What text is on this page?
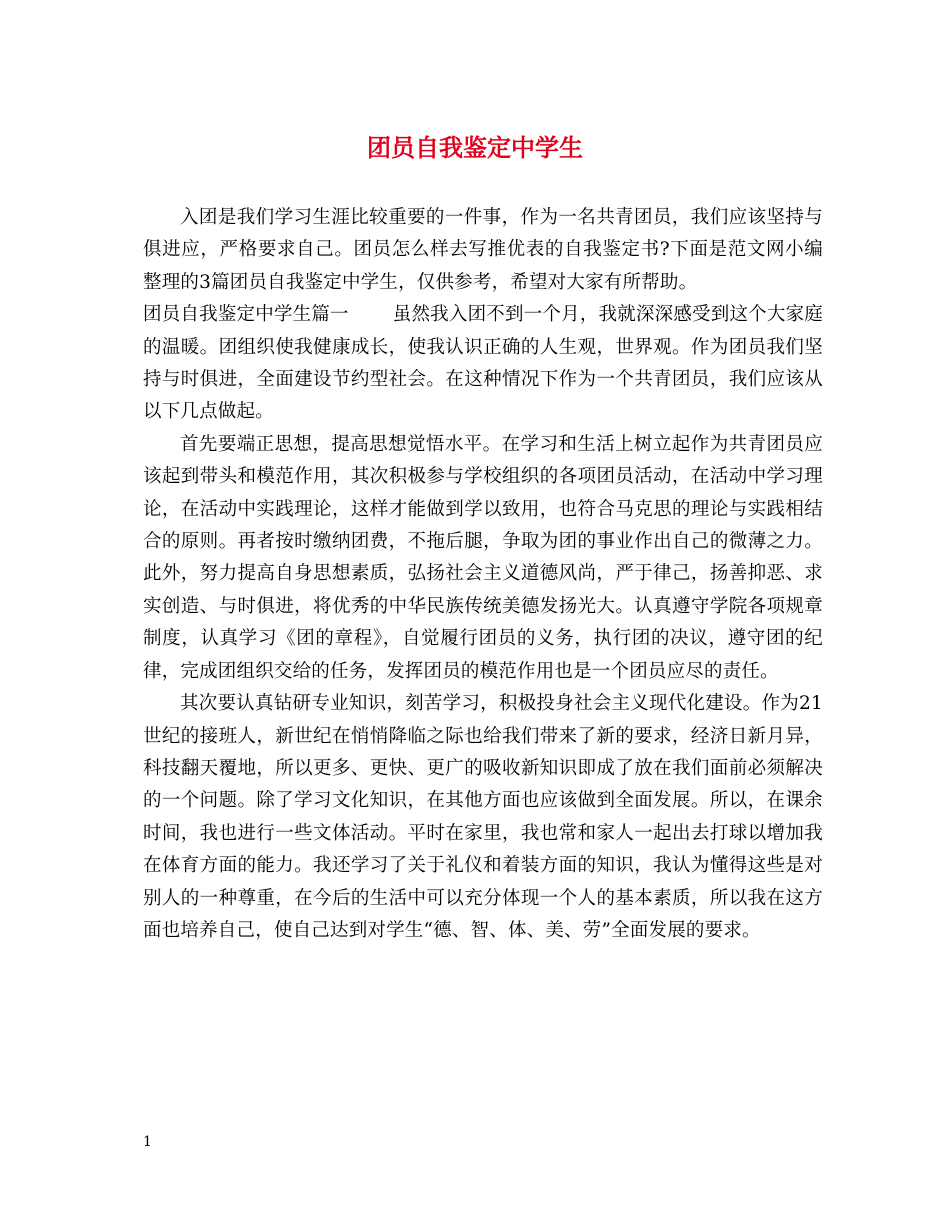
团员自我鉴定中学生

入团是我们学习生涯比较重要的一件事，作为一名共青团员，我们应该坚持与俱进应，严格要求自己。团员怎么样去写推优表的自我鉴定书?下面是范文网小编整理的3篇团员自我鉴定中学生，仅供参考，希望对大家有所帮助。

团员自我鉴定中学生篇一 虽然我入团不到一个月，我就深深感受到这个大家庭的温暖。团组织使我健康成长，使我认识正确的人生观，世界观。作为团员我们坚持与时俱进，全面建设节约型社会。在这种情况下作为一个共青团员，我们应该从以下几点做起。

首先要端正思想，提高思想觉悟水平。在学习和生活上树立起作为共青团员应该起到带头和模范作用，其次积极参与学校组织的各项团员活动，在活动中学习理论，在活动中实践理论，这样才能做到学以致用，也符合马克思的理论与实践相结合的原则。再者按时缴纳团费，不拖后腿，争取为团的事业作出自己的微薄之力。此外，努力提高自身思想素质，弘扬社会主义道德风尚，严于律己，扬善抑恶、求实创造、与时俱进，将优秀的中华民族传统美德发扬光大。认真遵守学院各项规章制度，认真学习《团的章程》，自觉履行团员的义务，执行团的决议，遵守团的纪律，完成团组织交给的任务，发挥团员的模范作用也是一个团员应尽的责任。

其次要认真钻研专业知识，刻苦学习，积极投身社会主义现代化建设。作为21世纪的接班人，新世纪在悄悄降临之际也给我们带来了新的要求，经济日新月异，科技翻天覆地，所以更多、更快、更广的吸收新知识即成了放在我们面前必须解决的一个问题。除了学习文化知识，在其他方面也应该做到全面发展。所以，在课余时间，我也进行一些文体活动。平时在家里，我也常和家人一起出去打球以增加我在体育方面的能力。我还学习了关于礼仪和着装方面的知识，我认为懂得这些是对别人的一种尊重，在今后的生活中可以充分体现一个人的基本素质，所以我在这方面也培养自己，使自己达到对学生“德、智、体、美、劳”全面发展的要求。

1
